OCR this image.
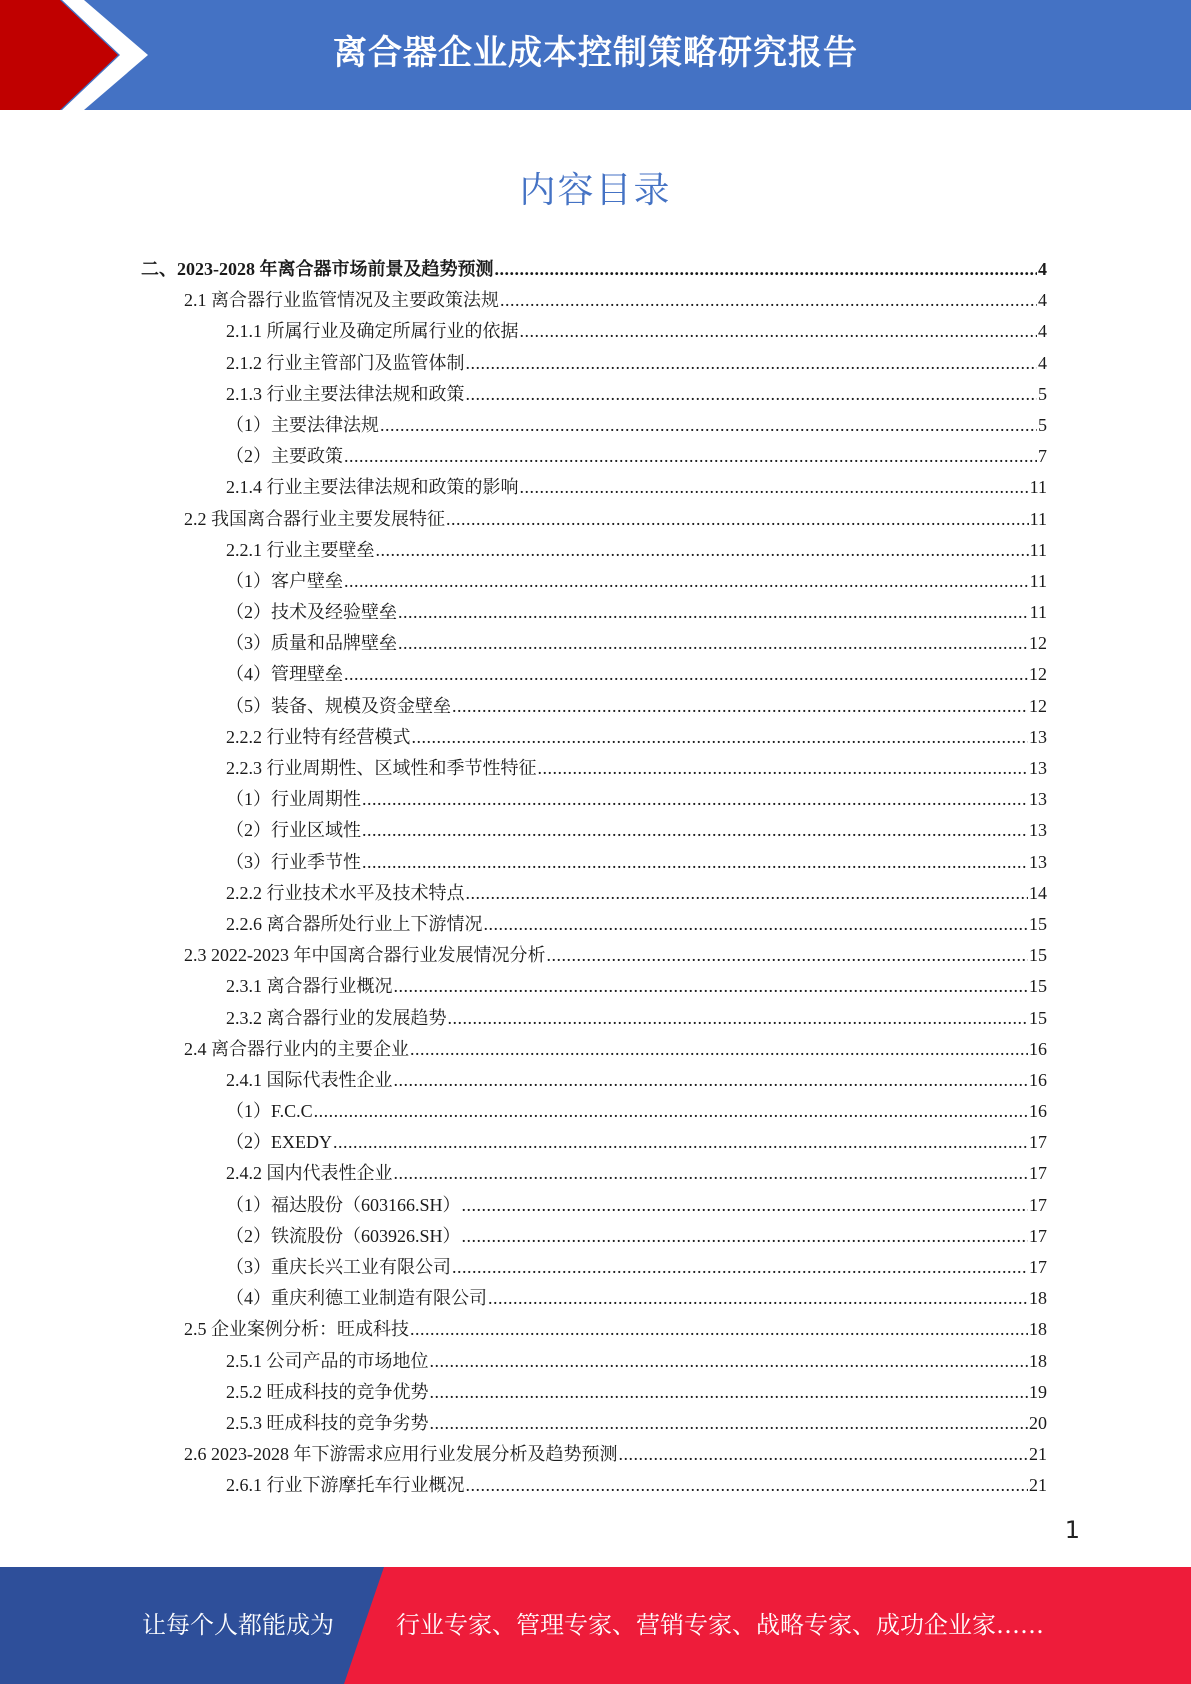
离合器企业成本控制策略研究报告
内容目录
二、2023-2028 年离合器市场前景及趋势预测 .....	4
2.1 离合器行业监管情况及主要政策法规 .....	4
2.1.1 所属行业及确定所属行业的依据 .....	4
2.1.2 行业主管部门及监管体制 .....	4
2.1.3 行业主要法律法规和政策 .....	5
（1）主要法律法规 .....	5
（2）主要政策 .....	7
2.1.4 行业主要法律法规和政策的影响 .....	11
2.2 我国离合器行业主要发展特征 .....	11
2.2.1 行业主要壁垒 .....	11
（1）客户壁垒 .....	11
（2）技术及经验壁垒 .....	11
（3）质量和品牌壁垒 .....	12
（4）管理壁垒 .....	12
（5）装备、规模及资金壁垒 .....	12
2.2.2 行业特有经营模式 .....	13
2.2.3 行业周期性、区域性和季节性特征 .....	13
（1）行业周期性 .....	13
（2）行业区域性 .....	13
（3）行业季节性 .....	13
2.2.2 行业技术水平及技术特点 .....	14
2.2.6 离合器所处行业上下游情况 .....	15
2.3 2022-2023 年中国离合器行业发展情况分析 .....	15
2.3.1 离合器行业概况 .....	15
2.3.2 离合器行业的发展趋势 .....	15
2.4 离合器行业内的主要企业 .....	16
2.4.1 国际代表性企业 .....	16
（1）F.C.C .....	16
（2）EXEDY .....	17
2.4.2 国内代表性企业 .....	17
（1）福达股份（603166.SH） .....	17
（2）铁流股份（603926.SH） .....	17
（3）重庆长兴工业有限公司 .....	17
（4）重庆利德工业制造有限公司 .....	18
2.5 企业案例分析：旺成科技 .....	18
2.5.1 公司产品的市场地位 .....	18
2.5.2 旺成科技的竞争优势 .....	19
2.5.3 旺成科技的竞争劣势 .....	20
2.6 2023-2028 年下游需求应用行业发展分析及趋势预测 .....	21
2.6.1 行业下游摩托车行业概况 .....	21
1
让每个人都能成为	行业专家、管理专家、营销专家、战略专家、成功企业家……
